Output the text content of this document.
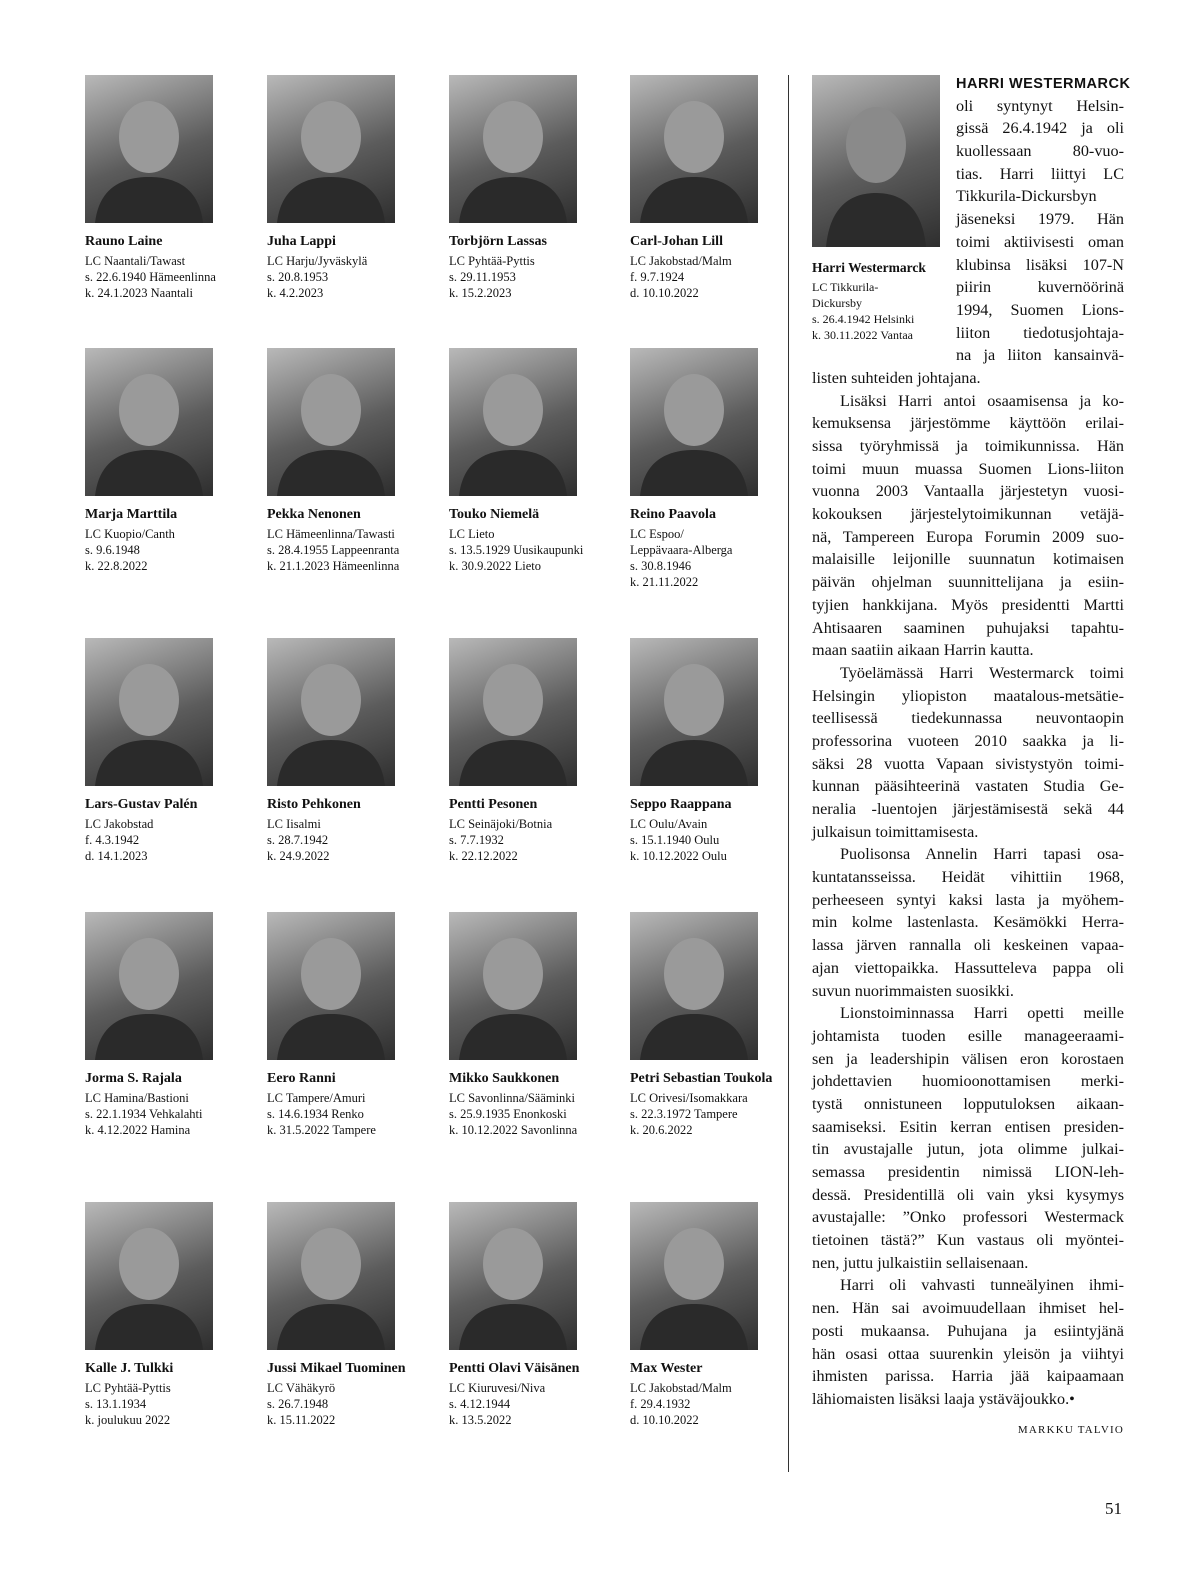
Rauno Laine
LC Naantali/Tawast
s. 22.6.1940 Hämeenlinna
k. 24.1.2023 Naantali
Juha Lappi
LC Harju/Jyväskylä
s. 20.8.1953
k. 4.2.2023
Torbjörn Lassas
LC Pyhtää-Pyttis
s. 29.11.1953
k. 15.2.2023
Carl-Johan Lill
LC Jakobstad/Malm
f. 9.7.1924
d. 10.10.2022
Marja Marttila
LC Kuopio/Canth
s. 9.6.1948
k. 22.8.2022
Pekka Nenonen
LC Hämeenlinna/Tawasti
s. 28.4.1955 Lappeenranta
k. 21.1.2023 Hämeenlinna
Touko Niemelä
LC Lieto
s. 13.5.1929 Uusikaupunki
k. 30.9.2022 Lieto
Reino Paavola
LC Espoo/
Leppävaara-Alberga
s. 30.8.1946
k. 21.11.2022
Lars-Gustav Palén
LC Jakobstad
f. 4.3.1942
d. 14.1.2023
Risto Pehkonen
LC Iisalmi
s. 28.7.1942
k. 24.9.2022
Pentti Pesonen
LC Seinäjoki/Botnia
s. 7.7.1932
k. 22.12.2022
Seppo Raappana
LC Oulu/Avain
s. 15.1.1940 Oulu
k. 10.12.2022 Oulu
Jorma S. Rajala
LC Hamina/Bastioni
s. 22.1.1934 Vehkalahti
k. 4.12.2022 Hamina
Eero Ranni
LC Tampere/Amuri
s. 14.6.1934 Renko
k. 31.5.2022 Tampere
Mikko Saukkonen
LC Savonlinna/Sääminki
s. 25.9.1935 Enonkoski
k. 10.12.2022 Savonlinna
Petri Sebastian Toukola
LC Orivesi/Isomakkara
s. 22.3.1972 Tampere
k. 20.6.2022
Kalle J. Tulkki
LC Pyhtää-Pyttis
s. 13.1.1934
k. joulukuu 2022
Jussi Mikael Tuominen
LC Vähäkyrö
s. 26.7.1948
k. 15.11.2022
Pentti Olavi Väisänen
LC Kiuruvesi/Niva
s. 4.12.1944
k. 13.5.2022
Max Wester
LC Jakobstad/Malm
f. 29.4.1932
d. 10.10.2022
Harri Westermarck
LC Tikkurila-
Dickursby
s. 26.4.1942 Helsinki
k. 30.11.2022 Vantaa
HARRI WESTERMARCK
oli syntynyt Helsin-
gissä 26.4.1942 ja oli
kuollessaan 80-vuo-
tias. Harri liittyi LC
Tikkurila-Dickursbyn
jäseneksi 1979. Hän
toimi aktiivisesti oman
klubinsa lisäksi 107-N
piirin kuvernöörinä
1994, Suomen Lions-
liiton tiedotusjohtaja-
na ja liiton kansainvä-
listen suhteiden johtajana.
Lisäksi Harri antoi osaamisensa ja ko-
kemuksensa järjestömme käyttöön erilai-
sissa työryhmissä ja toimikunnissa. Hän
toimi muun muassa Suomen Lions-liiton
vuonna 2003 Vantaalla järjestetyn vuosi-
kokouksen järjestelytoimikunnan vetäjä-
nä, Tampereen Europa Forumin 2009 suo-
malaisille leijonille suunnatun kotimaisen
päivän ohjelman suunnittelijana ja esiin-
tyjien hankkijana. Myös presidentti Martti
Ahtisaaren saaminen puhujaksi tapahtu-
maan saatiin aikaan Harrin kautta.
Työelämässä Harri Westermarck toimi
Helsingin yliopiston maatalous-metsätie-
teellisessä tiedekunnassa neuvontaopin
professorina vuoteen 2010 saakka ja li-
säksi 28 vuotta Vapaan sivistystyön toimi-
kunnan pääsihteerinä vastaten Studia Ge-
neralia -luentojen järjestämisestä sekä 44
julkaisun toimittamisesta.
Puolisonsa Annelin Harri tapasi osa-
kuntatansseissa. Heidät vihittiin 1968,
perheeseen syntyi kaksi lasta ja myöhem-
min kolme lastenlasta. Kesämökki Herra-
lassa järven rannalla oli keskeinen vapaa-
ajan viettopaikka. Hassutteleva pappa oli
suvun nuorimmaisten suosikki.
Lionstoiminnassa Harri opetti meille
johtamista tuoden esille manageeraami-
sen ja leadershipin välisen eron korostaen
johdettavien huomioonottamisen merki-
tystä onnistuneen lopputuloksen aikaan-
saamiseksi. Esitin kerran entisen presiden-
tin avustajalle jutun, jota olimme julkai-
semassa presidentin nimissä LION-leh-
dessä. Presidentillä oli vain yksi kysymys
avustajalle: ”Onko professori Westermack
tietoinen tästä?” Kun vastaus oli myöntei-
nen, juttu julkaistiin sellaisenaan.
Harri oli vahvasti tunneälyinen ihmi-
nen. Hän sai avoimuudellaan ihmiset hel-
posti mukaansa. Puhujana ja esiintyjänä
hän osasi ottaa suurenkin yleisön ja viihtyi
ihmisten parissa. Harria jää kaipaamaan
lähiomaisten lisäksi laaja ystäväjoukko.•
MARKKU TALVIO
51
